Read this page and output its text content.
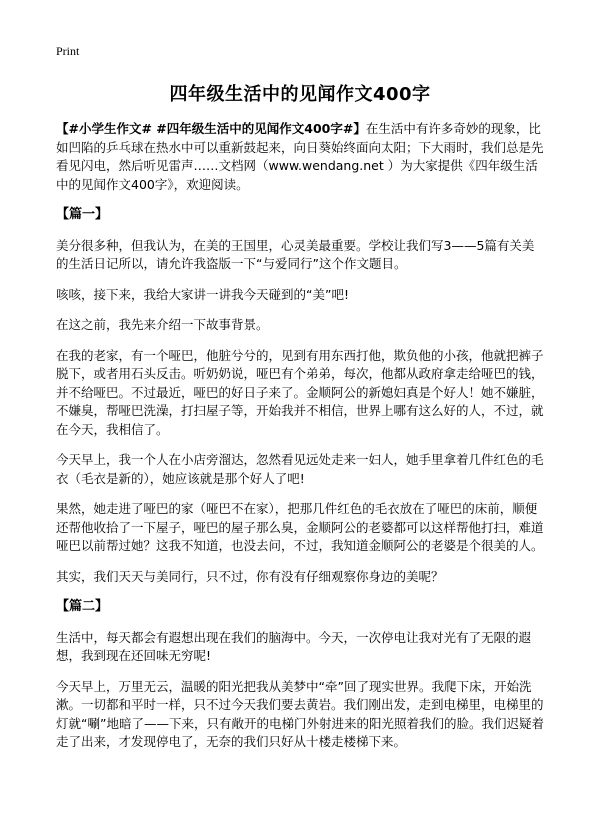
Print
四年级生活中的见闻作文400字

【#小学生作文# #四年级生活中的见闻作文400字#】在生活中有许多奇妙的现象，比如凹陷的乒乓球在热水中可以重新鼓起来，向日葵始终面向太阳；下大雨时，我们总是先看见闪电，然后听见雷声……文档网（www.wendang.net ）为大家提供《四年级生活中的见闻作文400字》，欢迎阅读。

【篇一】

美分很多种，但我认为，在美的王国里，心灵美最重要。学校让我们写3——5篇有关美的生活日记所以，请允许我盗版一下“与爱同行”这个作文题目。

咳咳，接下来，我给大家讲一讲我今天碰到的“美”吧!

在这之前，我先来介绍一下故事背景。

在我的老家，有一个哑巴，他脏兮兮的，见到有用东西打他，欺负他的小孩，他就把裤子脱下，或者用石头反击。听奶奶说，哑巴有个弟弟，每次，他都从政府拿走给哑巴的钱，并不给哑巴。不过最近，哑巴的好日子来了。金顺阿公的新媳妇真是个好人！她不嫌脏，不嫌臭，帮哑巴洗澡，打扫屋子等，开始我并不相信，世界上哪有这么好的人，不过，就在今天，我相信了。

今天早上，我一个人在小店旁溜达，忽然看见远处走来一妇人，她手里拿着几件红色的毛衣（毛衣是新的），她应该就是那个好人了吧!

果然，她走进了哑巴的家（哑巴不在家），把那几件红色的毛衣放在了哑巴的床前，顺便还帮他收拾了一下屋子，哑巴的屋子那么臭，金顺阿公的老婆都可以这样帮他打扫，难道哑巴以前帮过她？这我不知道，也没去问，不过，我知道金顺阿公的老婆是个很美的人。

其实，我们天天与美同行，只不过，你有没有仔细观察你身边的美呢？

【篇二】

生活中，每天都会有遐想出现在我们的脑海中。今天，一次停电让我对光有了无限的遐想，我到现在还回味无穷呢!

今天早上，万里无云，温暖的阳光把我从美梦中“牵”回了现实世界。我爬下床，开始洗漱。一切都和平时一样，只不过今天我们要去黄岩。我们刚出发，走到电梯里，电梯里的灯就“唰”地暗了——下来，只有敞开的电梯门外射进来的阳光照着我们的脸。我们迟疑着走了出来，才发现停电了，无奈的我们只好从十楼走楼梯下来。
